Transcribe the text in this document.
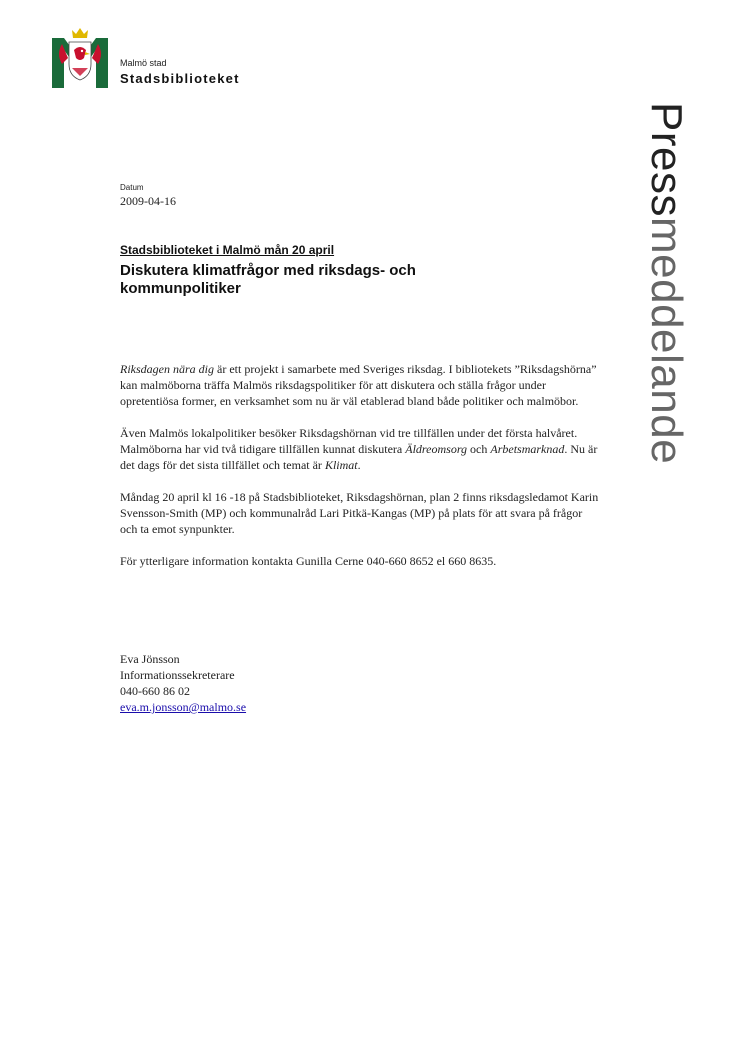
Malmö stad
Stadsbiblioteket
Pressmeddelande
Datum
2009-04-16
Stadsbiblioteket i Malmö mån 20 april
Diskutera klimatfrågor med riksdags- och kommunpolitiker

Riksdagen nära dig är ett projekt i samarbete med Sveriges riksdag. I bibliotekets ”Riksdagshörna” kan malmöborna träffa Malmös riksdagspolitiker för att diskutera och ställa frågor under opretentiösa former, en verksamhet som nu är väl etablerad bland både politiker och malmöbor.

Även Malmös lokalpolitiker besöker Riksdagshörnan vid tre tillfällen under det första halvåret. Malmöborna har vid två tidigare tillfällen kunnat diskutera Äldreomsorg och Arbetsmarknad. Nu är det dags för det sista tillfället och temat är Klimat.

Måndag 20 april kl 16 -18 på Stadsbiblioteket, Riksdagshörnan, plan 2 finns riksdagsledamot Karin Svensson-Smith (MP) och kommunalråd Lari Pitkä-Kangas (MP) på plats för att svara på frågor och ta emot synpunkter.

För ytterligare information kontakta Gunilla Cerne 040-660 8652 el 660 8635.

Eva Jönsson
Informationssekreterare
040-660 86 02
eva.m.jonsson@malmo.se
